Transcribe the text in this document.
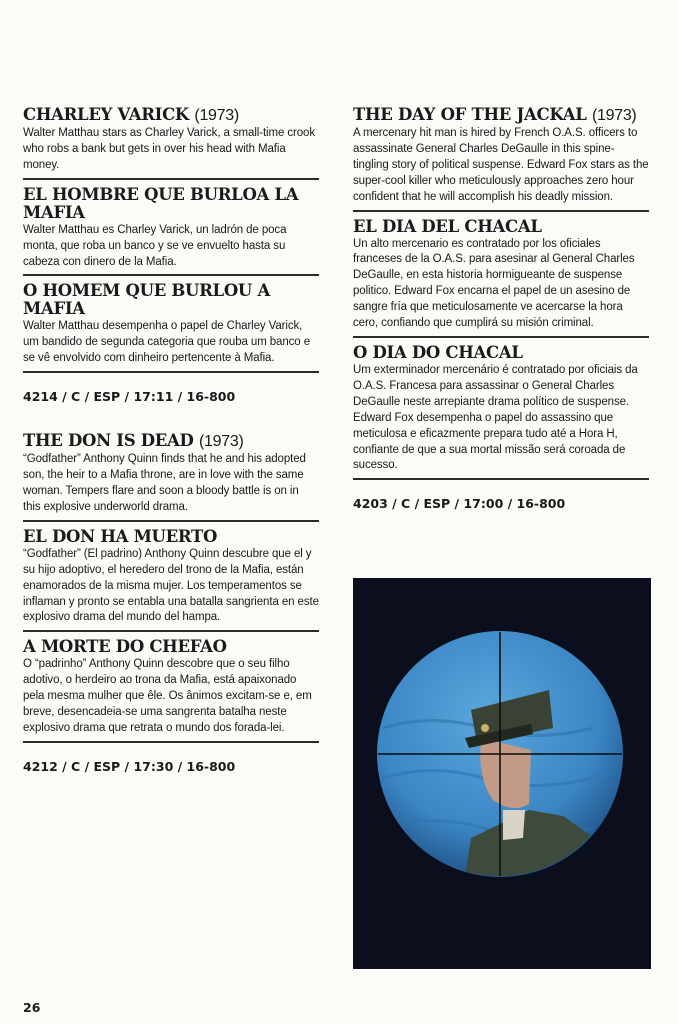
CHARLEY VARICK (1973)

Walter Matthau stars as Charley Varick, a small-time crook who robs a bank but gets in over his head with Mafia money.

EL HOMBRE QUE BURLOA LA MAFIA

Walter Matthau es Charley Varick, un ladrón de poca monta, que roba un banco y se ve envuelto hasta su cabeza con dinero de la Mafia.

O HOMEM QUE BURLOU A MAFIA

Walter Matthau desempenha o papel de Charley Varick, um bandido de segunda categoria que rouba um banco e se vê envolvido com dinheiro pertencente à Mafia.

4214 / C / ESP / 17:11 / 16-800

THE DON IS DEAD (1973)

“Godfather” Anthony Quinn finds that he and his adopted son, the heir to a Mafia throne, are in love with the same woman. Tempers flare and soon a bloody battle is on in this explosive underworld drama.

EL DON HA MUERTO

“Godfather” (El padrino) Anthony Quinn descubre que el y su hijo adoptivo, el heredero del trono de la Mafia, están enamorados de la misma mujer. Los temperamentos se inflaman y pronto se entabla una batalla sangrienta en este explosivo drama del mundo del hampa.

A MORTE DO CHEFAO

O “padrinho” Anthony Quinn descobre que o seu filho adotivo, o herdeiro ao trona da Mafia, está apaixonado pela mesma mulher que êle. Os ânimos excitam-se e, em breve, desencadeia-se uma sangrenta batalha neste explosivo drama que retrata o mundo dos forada-lei.

4212 / C / ESP / 17:30 / 16-800

THE DAY OF THE JACKAL (1973)

A mercenary hit man is hired by French O.A.S. officers to assassinate General Charles DeGaulle in this spine-tingling story of political suspense. Edward Fox stars as the super-cool killer who meticulously approaches zero hour confident that he will accomplish his deadly mission.

EL DIA DEL CHACAL

Un alto mercenario es contratado por los oficiales franceses de la O.A.S. para asesinar al General Charles DeGaulle, en esta historia hormigueante de suspense politico. Edward Fox encarna el papel de un asesino de sangre fría que meticulosamente ve acercarse la hora cero, confiando que cumplirá su misión criminal.

O DIA DO CHACAL

Um exterminador mercenário é contratado por oficiais da O.A.S. Francesa para assassinar o General Charles DeGaulle neste arrepiante drama político de suspense. Edward Fox desempenha o papel do assassino que meticulosa e eficazmente prepara tudo até a Hora H, confiante de que a sua mortal missão será coroada de sucesso.

4203 / C / ESP / 17:00 / 16-800

26
